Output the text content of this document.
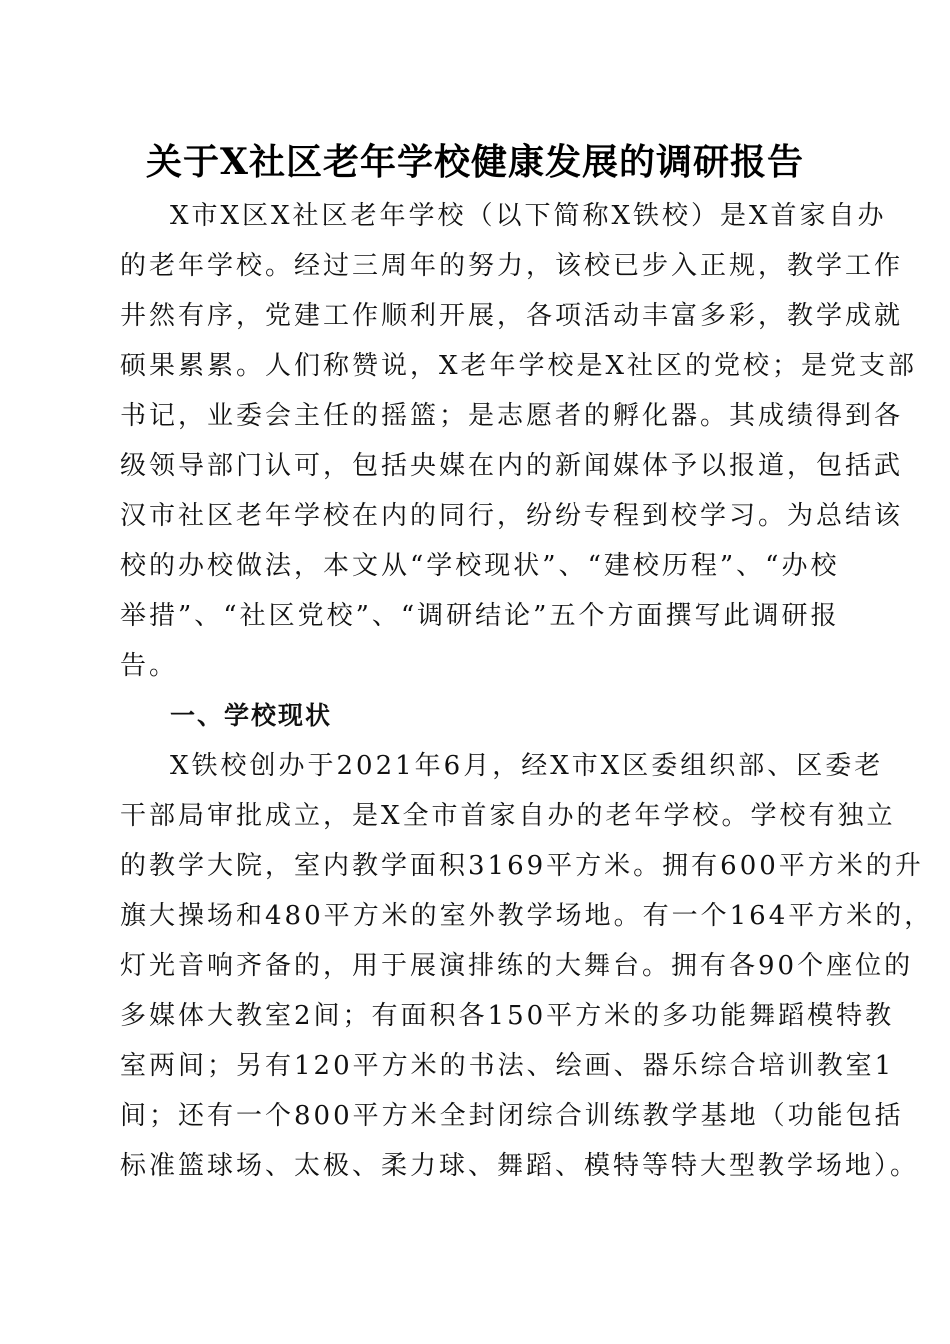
关于X社区老年学校健康发展的调研报告
X市X区X社区老年学校（以下简称X铁校）是X首家自办
的老年学校。经过三周年的努力，该校已步入正规，教学工作
井然有序，党建工作顺利开展，各项活动丰富多彩，教学成就
硕果累累。人们称赞说，X老年学校是X社区的党校；是党支部
书记，业委会主任的摇篮；是志愿者的孵化器。其成绩得到各
级领导部门认可，包括央媒在内的新闻媒体予以报道，包括武
汉市社区老年学校在内的同行，纷纷专程到校学习。为总结该
校的办校做法，本文从“学校现状”、“建校历程”、“办校
举措”、“社区党校”、“调研结论”五个方面撰写此调研报
告。
一、学校现状
X铁校创办于2021年6月，经X市X区委组织部、区委老
干部局审批成立，是X全市首家自办的老年学校。学校有独立
的教学大院，室内教学面积3169平方米。拥有600平方米的升
旗大操场和480平方米的室外教学场地。有一个164平方米的，
灯光音响齐备的，用于展演排练的大舞台。拥有各90个座位的
多媒体大教室2间；有面积各150平方米的多功能舞蹈模特教
室两间；另有120平方米的书法、绘画、器乐综合培训教室1
间；还有一个800平方米全封闭综合训练教学基地（功能包括
标准篮球场、太极、柔力球、舞蹈、模特等特大型教学场地）。
